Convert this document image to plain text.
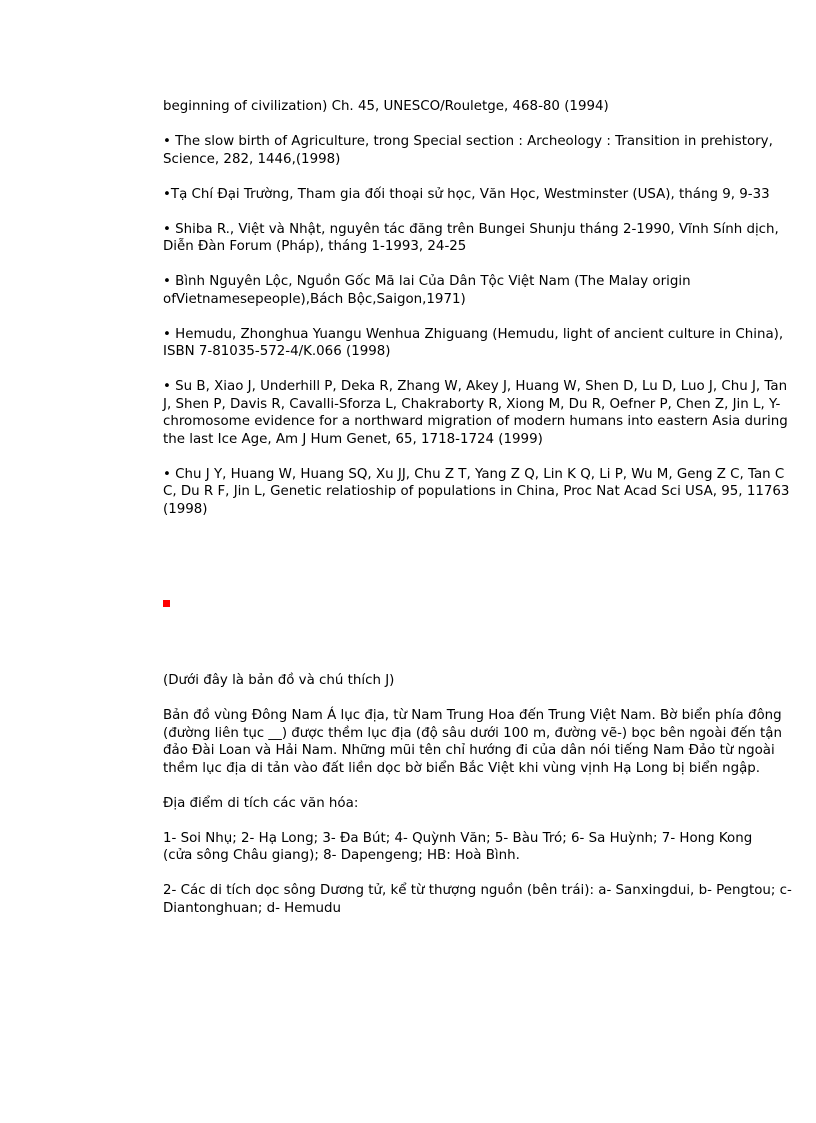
beginning of civilization) Ch. 45, UNESCO/Rouletge, 468-80 (1994)

• The slow birth of Agriculture, trong Special section : Archeology : Transition in prehistory,
Science, 282, 1446,(1998)

•Tạ Chí Đại Trường, Tham gia đối thoại sử học, Văn Học, Westminster (USA), tháng 9, 9-33

• Shiba R., Việt và Nhật, nguyên tác đăng trên Bungei Shunju tháng 2-1990, Vĩnh Sính dịch,
Diễn Đàn Forum (Pháp), tháng 1-1993, 24-25

• Bình Nguyên Lộc, Nguồn Gốc Mã lai Của Dân Tộc Việt Nam (The Malay origin
ofVietnamesepeople),Bách Bộc,Saigon,1971)

• Hemudu, Zhonghua Yuangu Wenhua Zhiguang (Hemudu, light of ancient culture in China),
ISBN 7-81035-572-4/K.066 (1998)

• Su B, Xiao J, Underhill P, Deka R, Zhang W, Akey J, Huang W, Shen D, Lu D, Luo J, Chu J, Tan
J, Shen P, Davis R, Cavalli-Sforza L, Chakraborty R, Xiong M, Du R, Oefner P, Chen Z, Jin L, Y-
chromosome evidence for a northward migration of modern humans into eastern Asia during
the last Ice Age, Am J Hum Genet, 65, 1718-1724 (1999)

• Chu J Y, Huang W, Huang SQ, Xu JJ, Chu Z T, Yang Z Q, Lin K Q, Li P, Wu M, Geng Z C, Tan C
C, Du R F, Jin L, Genetic relatioship of populations in China, Proc Nat Acad Sci USA, 95, 11763
(1998)

(Dưới đây là bản đồ và chú thích J)

Bản đồ vùng Đông Nam Á lục địa, từ Nam Trung Hoa đến Trung Việt Nam. Bờ biển phía đông
(đường liên tục __) được thềm lục địa (độ sâu dưới 100 m, đường vẽ-) bọc bên ngoài đến tận
đảo Đài Loan và Hải Nam. Những mũi tên chỉ hướng đi của dân nói tiếng Nam Đảo từ ngoài
thềm lục địa di tản vào đất liền dọc bờ biển Bắc Việt khi vùng vịnh Hạ Long bị biển ngập.

Địa điểm di tích các văn hóa:

1- Soi Nhụ; 2- Hạ Long; 3- Đa Bút; 4- Quỳnh Văn; 5- Bàu Tró; 6- Sa Huỳnh; 7- Hong Kong
(cửa sông Châu giang); 8- Dapengeng; HB: Hoà Bình.

2- Các di tích dọc sông Dương tử, kể từ thượng nguồn (bên trái): a- Sanxingdui, b- Pengtou; c-
Diantonghuan; d- Hemudu
